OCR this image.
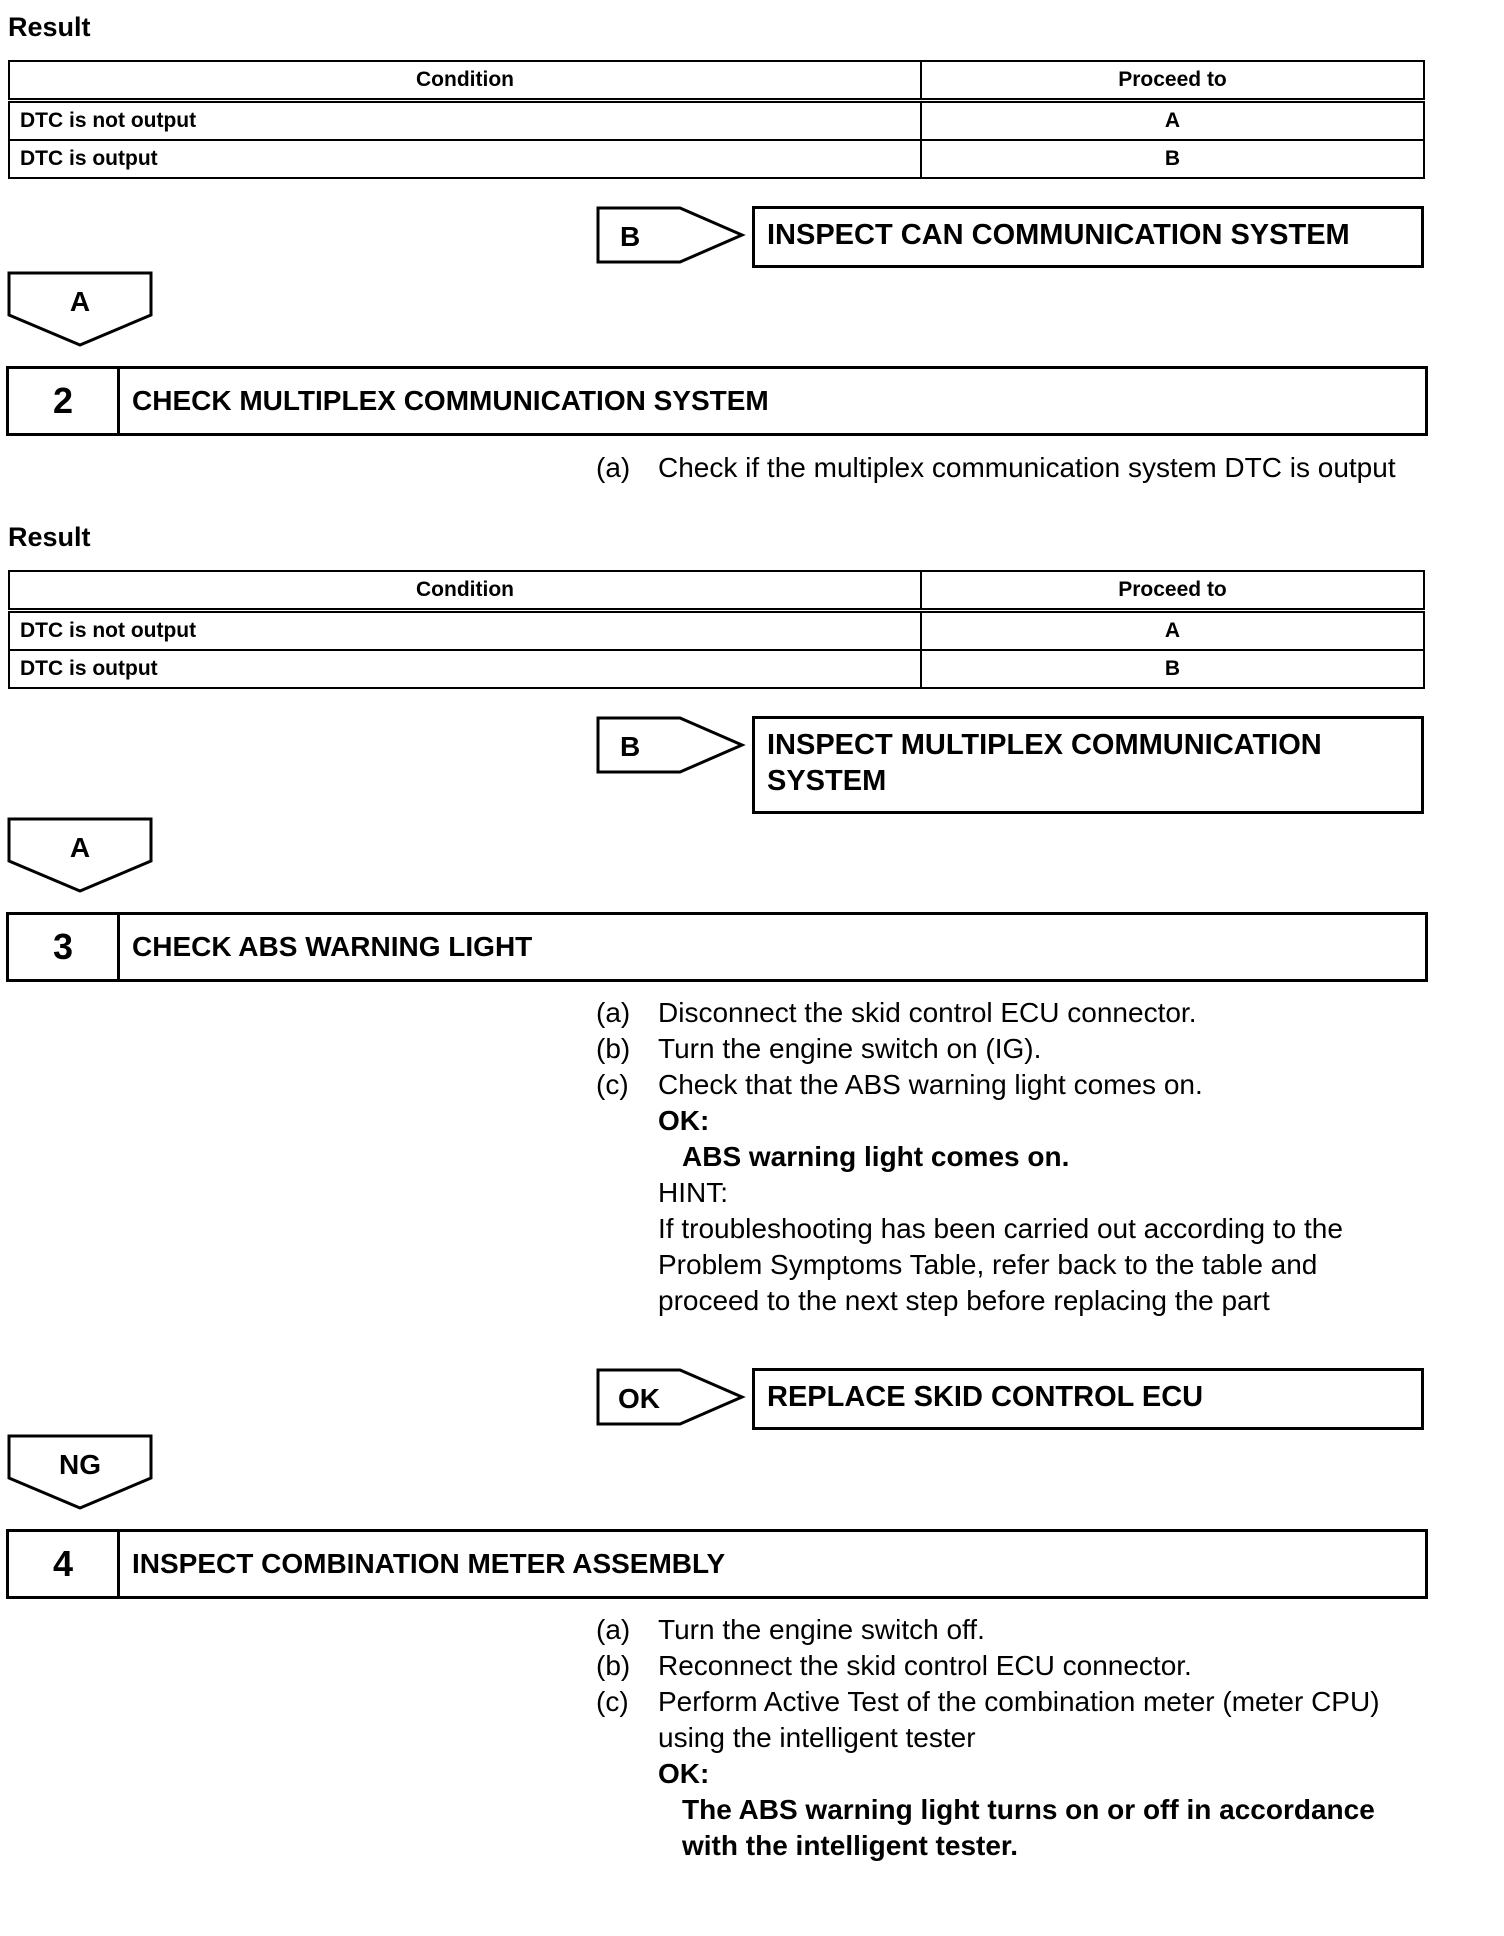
Result
Condition	Proceed to
DTC is not output	A
DTC is output	B
B	INSPECT CAN COMMUNICATION SYSTEM
A
2	CHECK MULTIPLEX COMMUNICATION SYSTEM
(a) Check if the multiplex communication system DTC is output
Result
Condition	Proceed to
DTC is not output	A
DTC is output	B
B	INSPECT MULTIPLEX COMMUNICATION SYSTEM
A
3	CHECK ABS WARNING LIGHT
(a) Disconnect the skid control ECU connector.
(b) Turn the engine switch on (IG).
(c)	Check that the ABS warning light comes on.
OK:
ABS warning light comes on.
HINT:
If troubleshooting has been carried out according to the Problem Symptoms Table, refer back to the table and proceed to the next step before replacing the part
OK	REPLACE SKID CONTROL ECU
NG
4	INSPECT COMBINATION METER ASSEMBLY
(a) Turn the engine switch off.
(b) Reconnect the skid control ECU connector.
(c)	Perform Active Test of the combination meter (meter CPU) using the intelligent tester
OK:
The ABS warning light turns on or off in accordance with the intelligent tester.
